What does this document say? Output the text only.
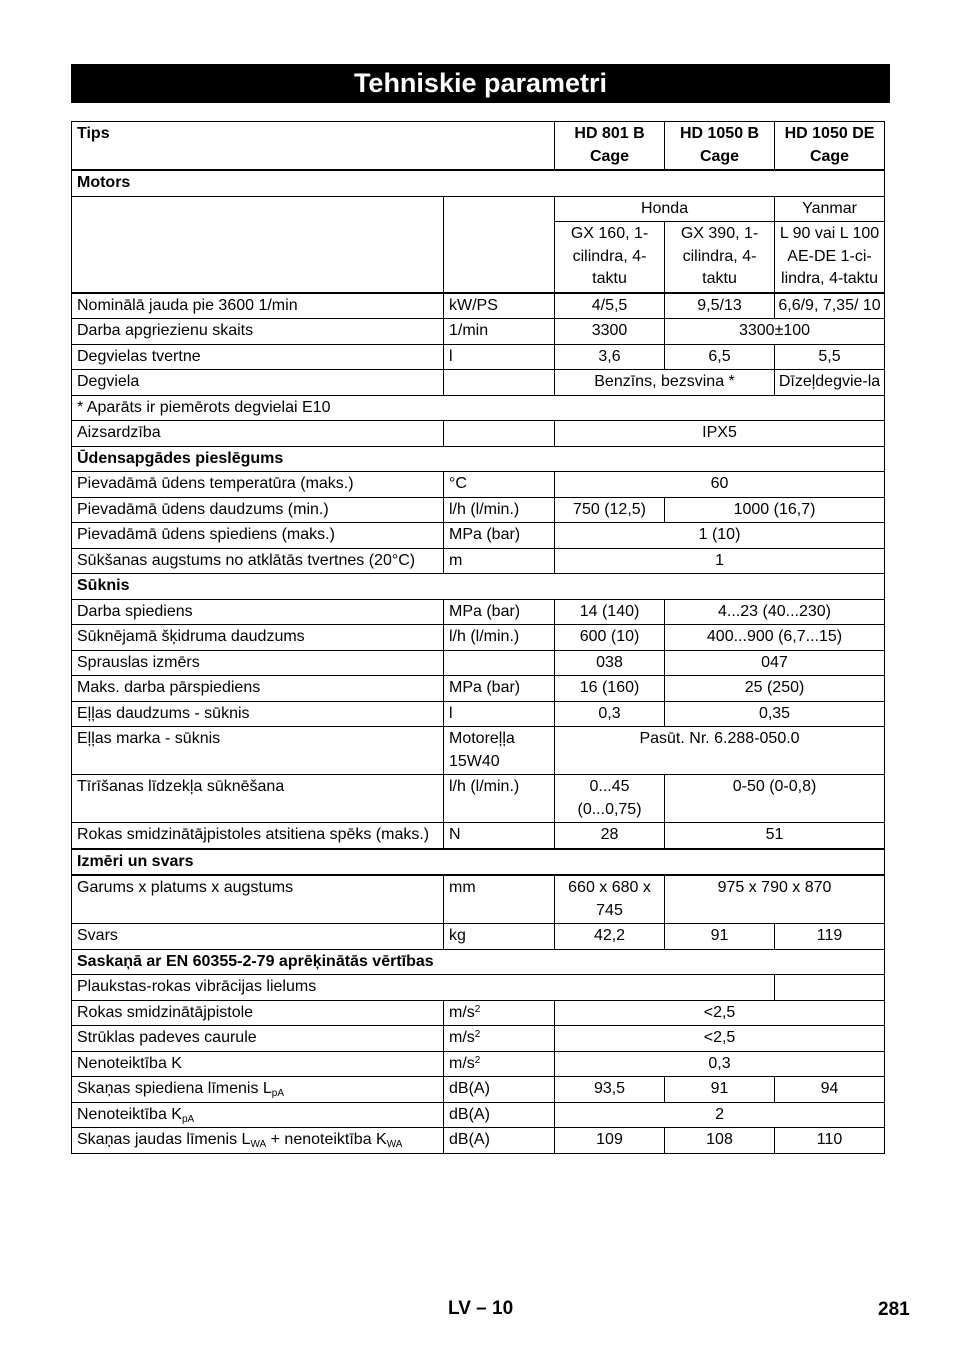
Tehniskie parametri
Tips		HD 801 B Cage	HD 1050 B Cage	HD 1050 DE Cage
Motors				
		Honda		Yanmar
		GX 160, 1-cilindra, 4-taktu	GX 390, 1-cilindra, 4-taktu	L 90 vai L 100 AE-DE 1-ci-lindra, 4-taktu
Nominālā jauda pie 3600 1/min	kW/PS	4/5,5	9,5/13	6,6/9, 7,35/ 10
Darba apgriezienu skaits	1/min	3300	3300±100	
Degvielas tvertne	l	3,6	6,5	5,5
Degviela		Benzīns, bezsvina *		Dīzeļdegvie-la
* Aparāts ir piemērots degvielai E10				
Aizsardzība		IPX5		
Ūdensapgādes pieslēgums				
Pievadāmā ūdens temperatūra (maks.)	°C	60		
Pievadāmā ūdens daudzums (min.)	l/h (l/min.)	750 (12,5)	1000 (16,7)	
Pievadāmā ūdens spiediens (maks.)	MPa (bar)	1 (10)		
Sūkšanas augstums no atklātās tvertnes (20°C)	m	1		
Sūknis				
Darba spiediens	MPa (bar)	14 (140)	4...23 (40...230)	
Sūknējamā šķidruma daudzums	l/h (l/min.)	600 (10)	400...900 (6,7...15)	
Sprauslas izmērs		038	047	
Maks. darba pārspiediens	MPa (bar)	16 (160)	25 (250)	
Eļļas daudzums - sūknis	l	0,3	0,35	
Eļļas marka - sūknis	Motoreļļa 15W40	Pasūt. Nr. 6.288-050.0		
Tīrīšanas līdzekļa sūknēšana	l/h (l/min.)	0...45 (0...0,75)	0-50 (0-0,8)	
Rokas smidzinātājpistoles atsitiena spēks (maks.)	N	28	51	
Izmēri un svars				
Garums x platums x augstums	mm	660 x 680 x 745	975 x 790 x 870	
Svars	kg	42,2	91	119
Saskaņā ar EN 60355-2-79 aprēķinātās vērtības				
Plaukstas-rokas vibrācijas lielums				
Rokas smidzinātājpistole	$m/s^2$	<2,5		
Strūklas padeves caurule	$m/s^2$	<2,5		
Nenoteiktība K	$m/s^2$	0,3		
Skaņas spiediena līmenis $L_{pA}$	dB(A)	93,5	91	94
Nenoteiktība $K_{pA}$	dB(A)	2		
Skaņas jaudas līmenis $L_{WA}$ + nenoteiktība $K_{WA}$	dB(A)	109	108	110
LV – 10	281
